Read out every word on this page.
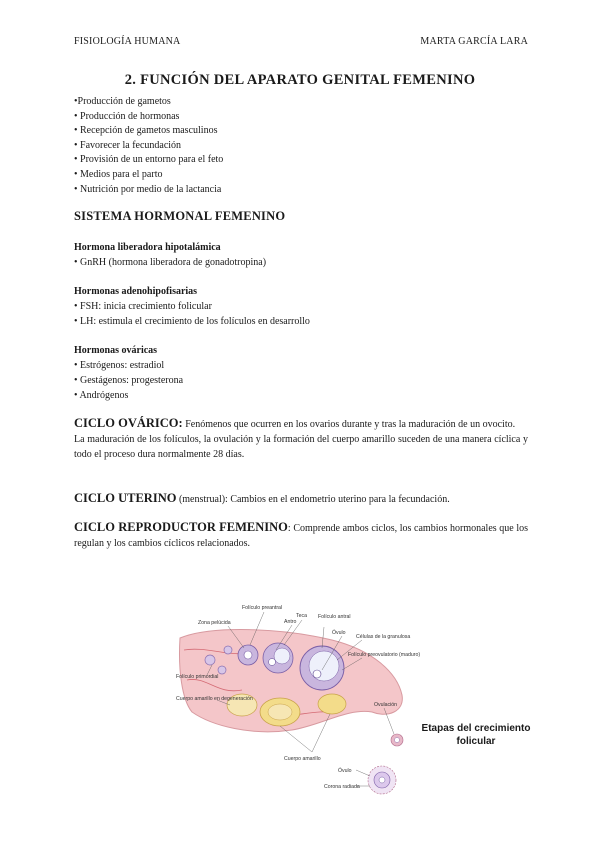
FISIOLOGÍA HUMANA	MARTA GARCÍA LARA
2. FUNCIÓN DEL APARATO GENITAL FEMENINO
•Producción de gametos
• Producción de hormonas
• Recepción de gametos masculinos
• Favorecer la fecundación
• Provisión de un entorno para el feto
• Medios para el parto
• Nutrición por medio de la lactancia
SISTEMA HORMONAL FEMENINO
Hormona liberadora hipotalámica
• GnRH (hormona liberadora de gonadotropina)
Hormonas adenohipofisarias
• FSH: inicia crecimiento folicular
• LH: estimula el crecimiento de los folículos en desarrollo
Hormonas ováricas
• Estrógenos: estradiol
• Gestágenos: progesterona
• Andrógenos
CICLO OVÁRICO: Fenómenos que ocurren en los ovarios durante y tras la maduración de un ovocito.
La maduración de los folículos, la ovulación y la formación del cuerpo amarillo suceden de una manera cíclica y todo el proceso dura normalmente 28 días.
CICLO UTERINO (menstrual): Cambios en el endometrio uterino para la fecundación.
CICLO REPRODUCTOR FEMENINO: Comprende ambos ciclos, los cambios hormonales que los regulan y los cambios cíclicos relacionados.
Folículo preantral
Zona pelúcida
Teca
Antro
Folículo antral
Óvulo
Células de la granulosa
Folículo preovulatorio (maduro)
Folículo primordial
Cuerpo amarillo en degeneración
Ovulación
Cuerpo amarillo
Óvulo
Corona radiada
Etapas del crecimiento folicular
